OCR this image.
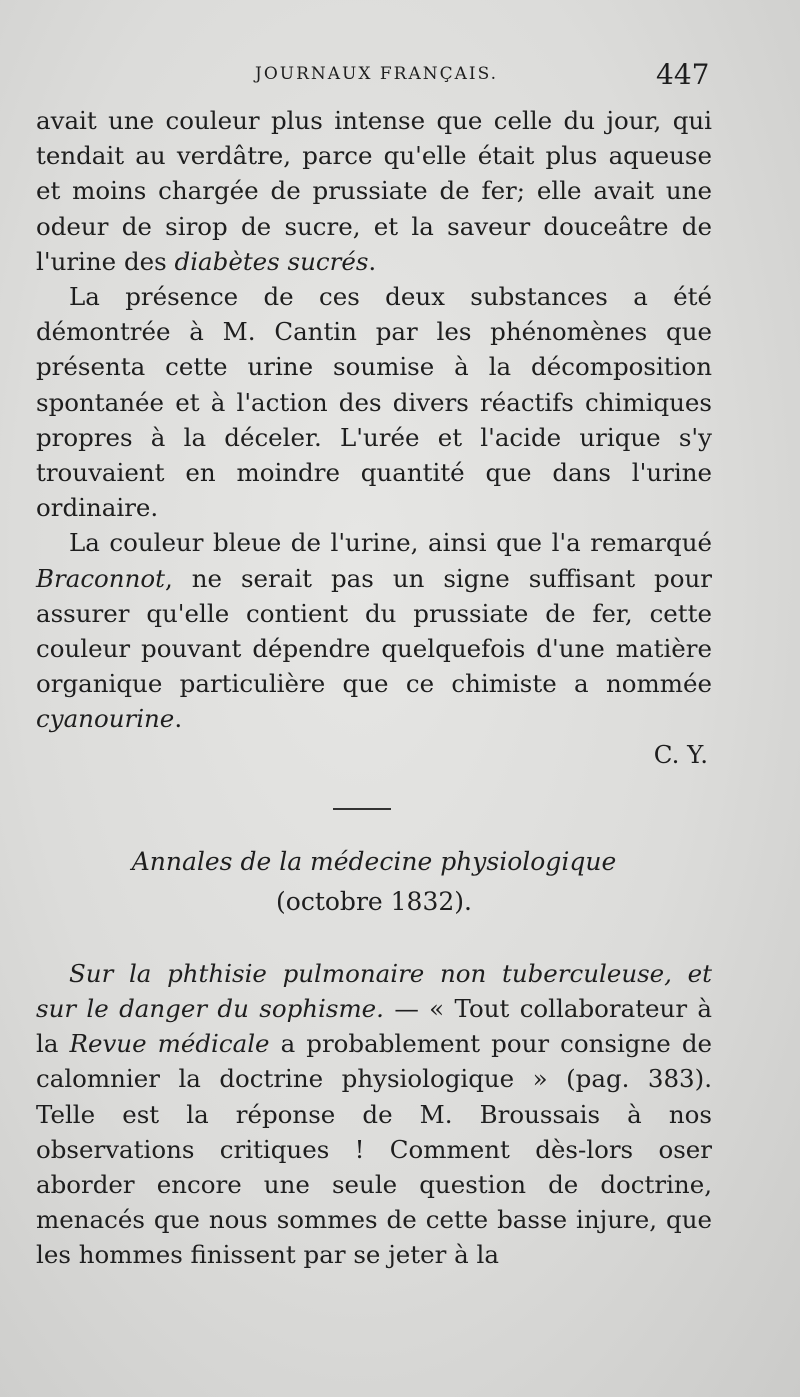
JOURNAUX FRANÇAIS.	447

avait une couleur plus intense que celle du jour, qui tendait au verdâtre, parce qu'elle était plus aqueuse et moins chargée de prussiate de fer; elle avait une odeur de sirop de sucre, et la saveur douceâtre de l'urine des diabètes sucrés.

La présence de ces deux substances a été démontrée à M. Cantin par les phénomènes que présenta cette urine soumise à la décomposition spontanée et à l'action des divers réactifs chimiques propres à la déceler. L'urée et l'acide urique s'y trouvaient en moindre quantité que dans l'urine ordinaire.

La couleur bleue de l'urine, ainsi que l'a remarqué Braconnot, ne serait pas un signe suffisant pour assurer qu'elle contient du prussiate de fer, cette couleur pouvant dépendre quelquefois d'une matière organique particulière que ce chimiste a nommée cyanourine.

C. Y.

Annales de la médecine physiologique

(octobre 1832).

Sur la phthisie pulmonaire non tuberculeuse, et sur le danger du sophisme. — « Tout collaborateur à la Revue médicale a probablement pour consigne de calomnier la doctrine physiologique » (pag. 383). Telle est la réponse de M. Broussais à nos observations critiques ! Comment dès-lors oser aborder encore une seule question de doctrine, menacés que nous sommes de cette basse injure, que les hommes finissent par se jeter à la
